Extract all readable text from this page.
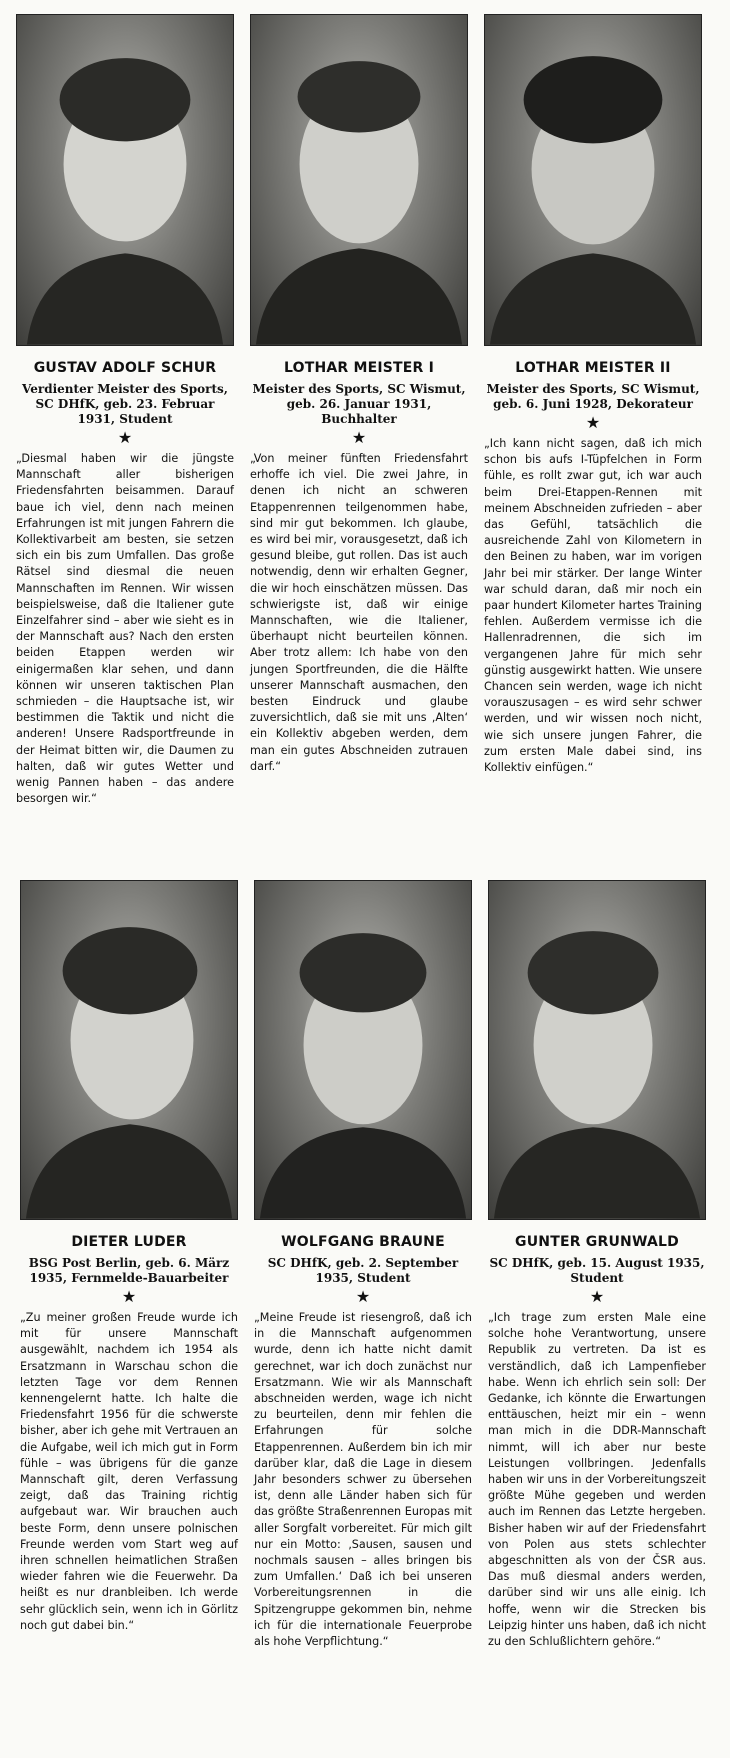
GUSTAV ADOLF SCHUR
Verdienter Meister des Sports, SC DHfK, geb. 23. Februar 1931, Student
★
„Diesmal haben wir die jüngste Mannschaft aller bisherigen Friedensfahrten beisammen. Darauf baue ich viel, denn nach meinen Erfahrungen ist mit jungen Fahrern die Kollektivarbeit am besten, sie setzen sich ein bis zum Umfallen. Das große Rätsel sind diesmal die neuen Mannschaften im Rennen. Wir wissen beispielsweise, daß die Italiener gute Einzelfahrer sind – aber wie sieht es in der Mannschaft aus? Nach den ersten beiden Etappen werden wir einigermaßen klar sehen, und dann können wir unseren taktischen Plan schmieden – die Hauptsache ist, wir bestimmen die Taktik und nicht die anderen! Unsere Radsportfreunde in der Heimat bitten wir, die Daumen zu halten, daß wir gutes Wetter und wenig Pannen haben – das andere besorgen wir.“
LOTHAR MEISTER I
Meister des Sports, SC Wismut, geb. 26. Januar 1931, Buchhalter
★
„Von meiner fünften Friedensfahrt erhoffe ich viel. Die zwei Jahre, in denen ich nicht an schweren Etappenrennen teilgenommen habe, sind mir gut bekommen. Ich glaube, es wird bei mir, vorausgesetzt, daß ich gesund bleibe, gut rollen. Das ist auch notwendig, denn wir erhalten Gegner, die wir hoch einschätzen müssen. Das schwierigste ist, daß wir einige Mannschaften, wie die Italiener, überhaupt nicht beurteilen können. Aber trotz allem: Ich habe von den jungen Sportfreunden, die die Hälfte unserer Mannschaft ausmachen, den besten Eindruck und glaube zuversichtlich, daß sie mit uns ‚Alten‘ ein Kollektiv abgeben werden, dem man ein gutes Abschneiden zutrauen darf.“
LOTHAR MEISTER II
Meister des Sports, SC Wismut, geb. 6. Juni 1928, Dekorateur
★
„Ich kann nicht sagen, daß ich mich schon bis aufs I-Tüpfelchen in Form fühle, es rollt zwar gut, ich war auch beim Drei-Etappen-Rennen mit meinem Abschneiden zufrieden – aber das Gefühl, tatsächlich die ausreichende Zahl von Kilometern in den Beinen zu haben, war im vorigen Jahr bei mir stärker. Der lange Winter war schuld daran, daß mir noch ein paar hundert Kilometer hartes Training fehlen. Außerdem vermisse ich die Hallenradrennen, die sich im vergangenen Jahre für mich sehr günstig ausgewirkt hatten. Wie unsere Chancen sein werden, wage ich nicht vorauszusagen – es wird sehr schwer werden, und wir wissen noch nicht, wie sich unsere jungen Fahrer, die zum ersten Male dabei sind, ins Kollektiv einfügen.“
DIETER LUDER
BSG Post Berlin, geb. 6. März 1935, Fernmelde-Bauarbeiter
★
„Zu meiner großen Freude wurde ich mit für unsere Mannschaft ausgewählt, nachdem ich 1954 als Ersatzmann in Warschau schon die letzten Tage vor dem Rennen kennengelernt hatte. Ich halte die Friedensfahrt 1956 für die schwerste bisher, aber ich gehe mit Vertrauen an die Aufgabe, weil ich mich gut in Form fühle – was übrigens für die ganze Mannschaft gilt, deren Verfassung zeigt, daß das Training richtig aufgebaut war. Wir brauchen auch beste Form, denn unsere polnischen Freunde werden vom Start weg auf ihren schnellen heimatlichen Straßen wieder fahren wie die Feuerwehr. Da heißt es nur dranbleiben. Ich werde sehr glücklich sein, wenn ich in Görlitz noch gut dabei bin.“
WOLFGANG BRAUNE
SC DHfK, geb. 2. September 1935, Student
★
„Meine Freude ist riesengroß, daß ich in die Mannschaft aufgenommen wurde, denn ich hatte nicht damit gerechnet, war ich doch zunächst nur Ersatzmann. Wie wir als Mannschaft abschneiden werden, wage ich nicht zu beurteilen, denn mir fehlen die Erfahrungen für solche Etappenrennen. Außerdem bin ich mir darüber klar, daß die Lage in diesem Jahr besonders schwer zu übersehen ist, denn alle Länder haben sich für das größte Straßenrennen Europas mit aller Sorgfalt vorbereitet. Für mich gilt nur ein Motto: ‚Sausen, sausen und nochmals sausen – alles bringen bis zum Umfallen.‘ Daß ich bei unseren Vorbereitungsrennen in die Spitzengruppe gekommen bin, nehme ich für die internationale Feuerprobe als hohe Verpflichtung.“
GUNTER GRUNWALD
SC DHfK, geb. 15. August 1935, Student
★
„Ich trage zum ersten Male eine solche hohe Verantwortung, unsere Republik zu vertreten. Da ist es verständlich, daß ich Lampenfieber habe. Wenn ich ehrlich sein soll: Der Gedanke, ich könnte die Erwartungen enttäuschen, heizt mir ein – wenn man mich in die DDR-Mannschaft nimmt, will ich aber nur beste Leistungen vollbringen. Jedenfalls haben wir uns in der Vorbereitungszeit größte Mühe gegeben und werden auch im Rennen das Letzte hergeben. Bisher haben wir auf der Friedensfahrt von Polen aus stets schlechter abgeschnitten als von der ČSR aus. Das muß diesmal anders werden, darüber sind wir uns alle einig. Ich hoffe, wenn wir die Strecken bis Leipzig hinter uns haben, daß ich nicht zu den Schlußlichtern gehöre.“
